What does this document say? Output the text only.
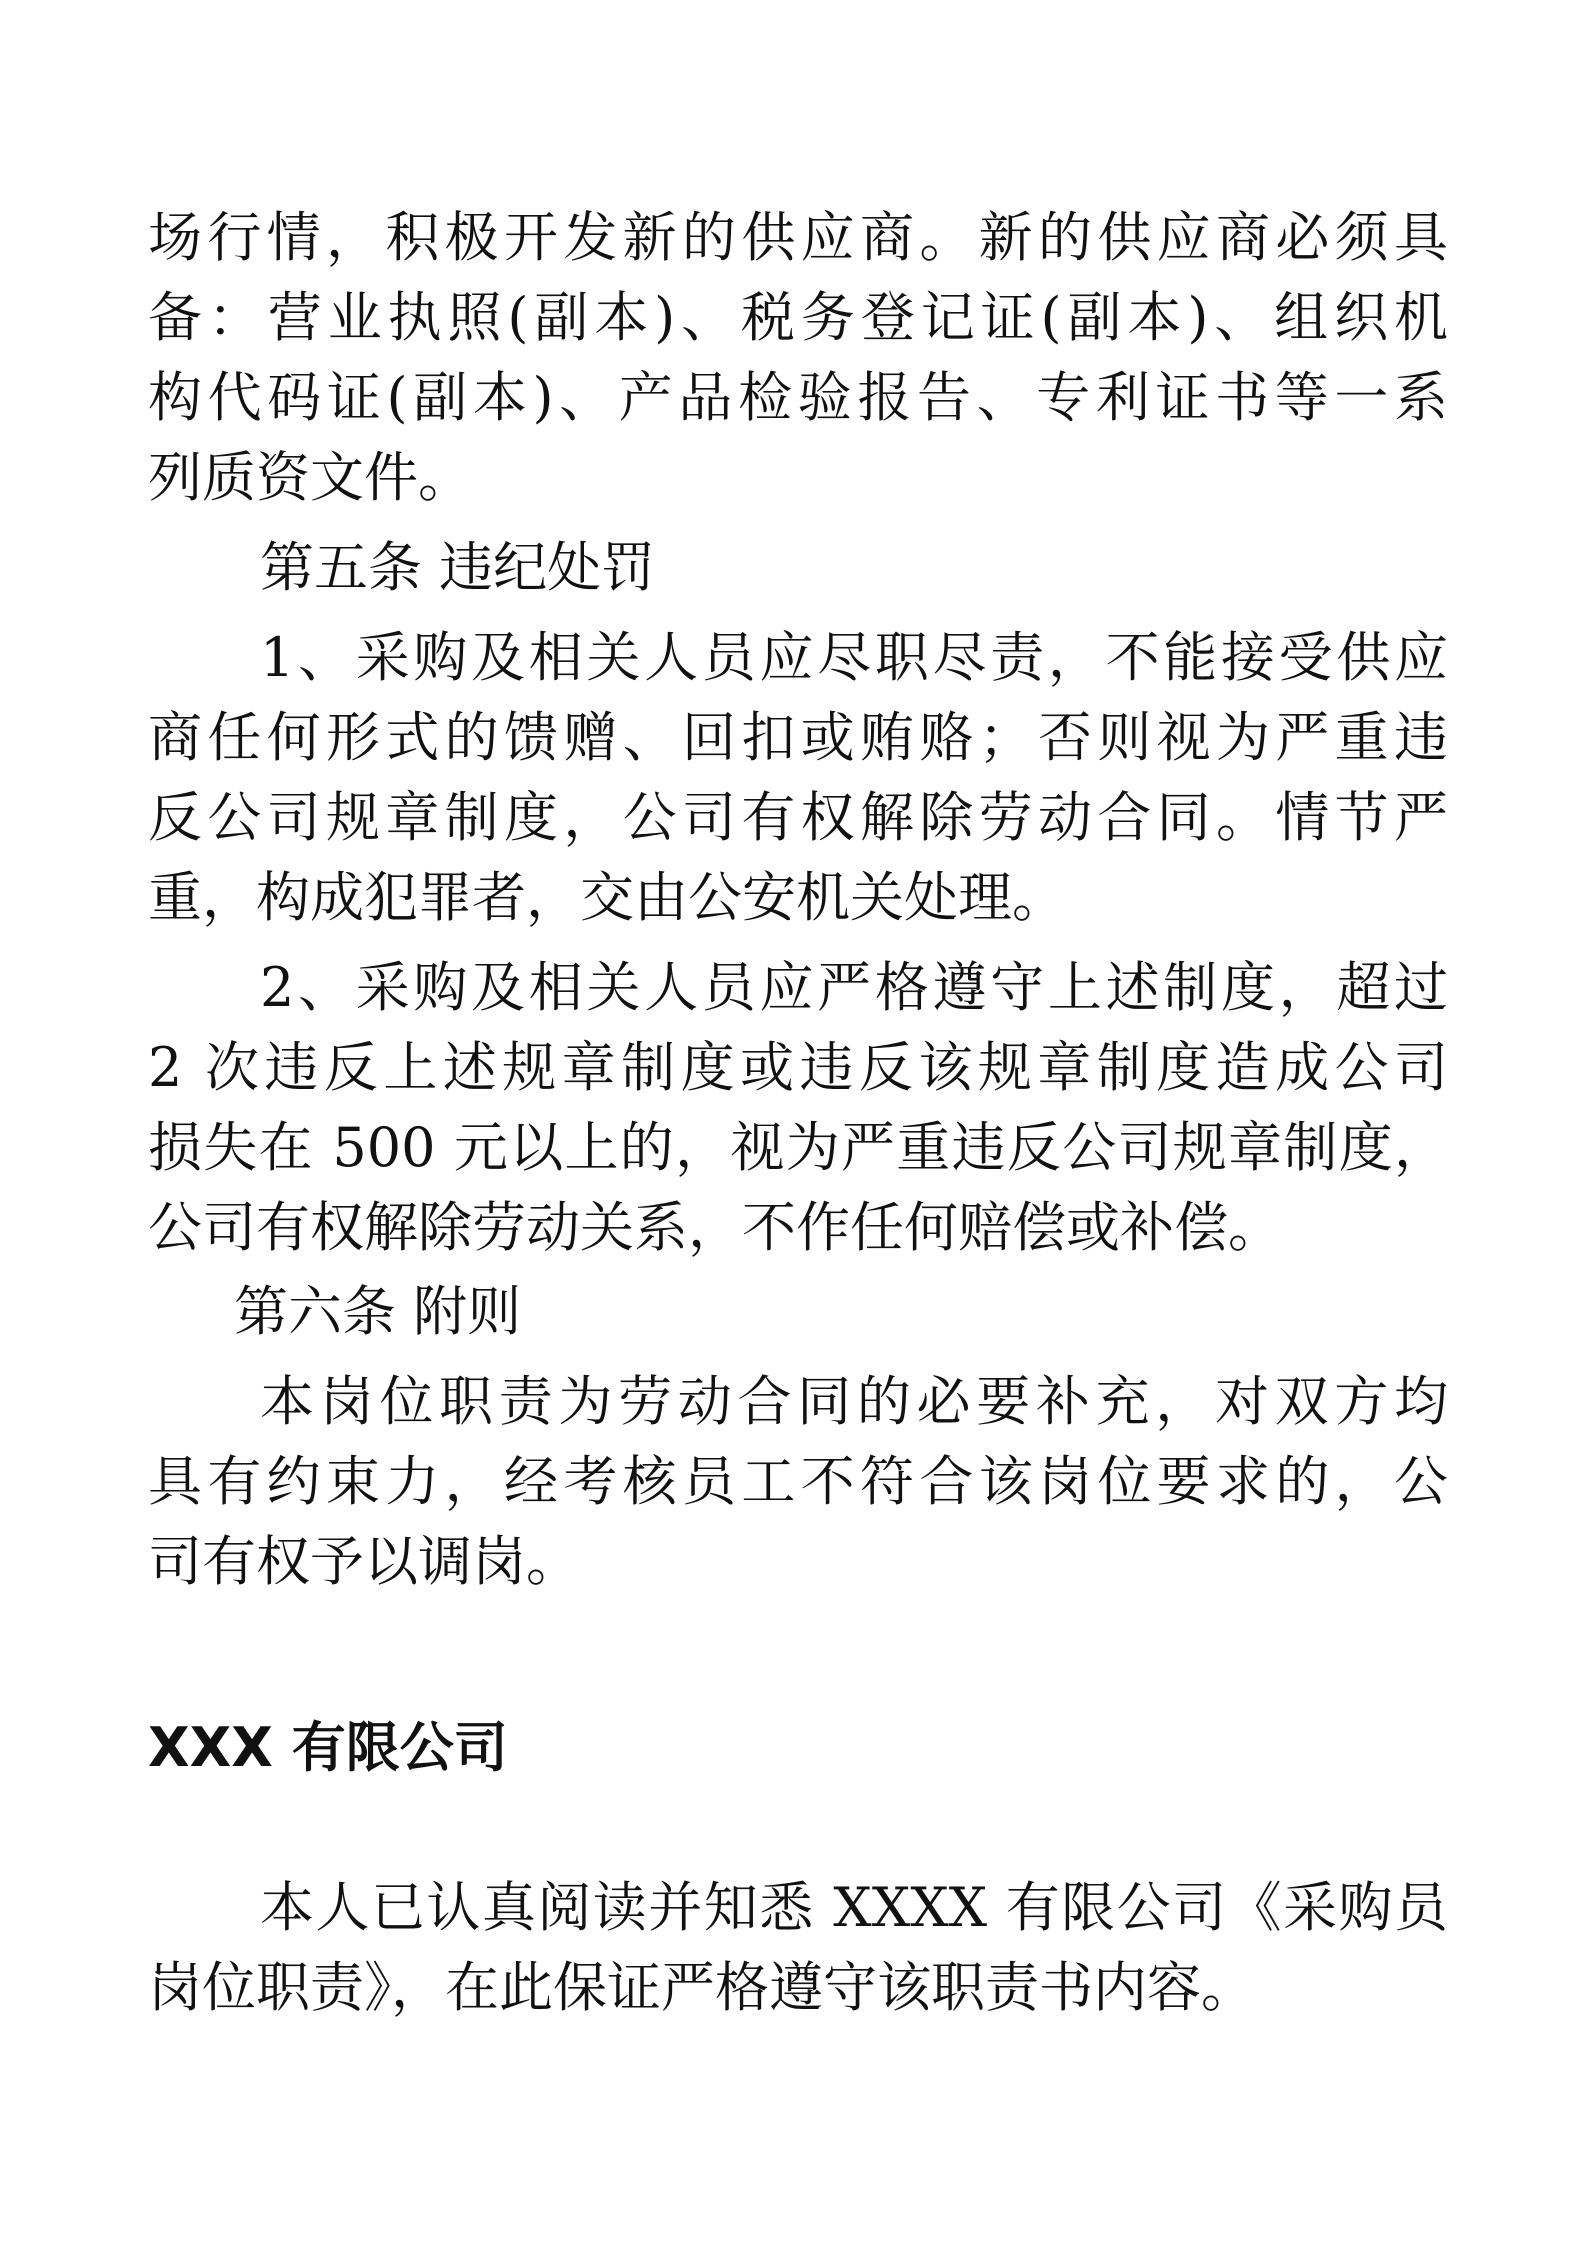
场行情，积极开发新的供应商。新的供应商必须具
备：营业执照(副本)、税务登记证(副本)、组织机
构代码证(副本)、产品检验报告、专利证书等一系
列质资文件。
第五条 违纪处罚
1、采购及相关人员应尽职尽责，不能接受供应
商任何形式的馈赠、回扣或贿赂；否则视为严重违
反公司规章制度，公司有权解除劳动合同。情节严
重，构成犯罪者，交由公安机关处理。
2、采购及相关人员应严格遵守上述制度，超过
2 次违反上述规章制度或违反该规章制度造成公司
损失在 500 元以上的，视为严重违反公司规章制度，
公司有权解除劳动关系，不作任何赔偿或补偿。
第六条 附则
本岗位职责为劳动合同的必要补充，对双方均
具有约束力，经考核员工不符合该岗位要求的，公
司有权予以调岗。
XXX 有限公司
本人已认真阅读并知悉 XXXX 有限公司《采购员
岗位职责》，在此保证严格遵守该职责书内容。
